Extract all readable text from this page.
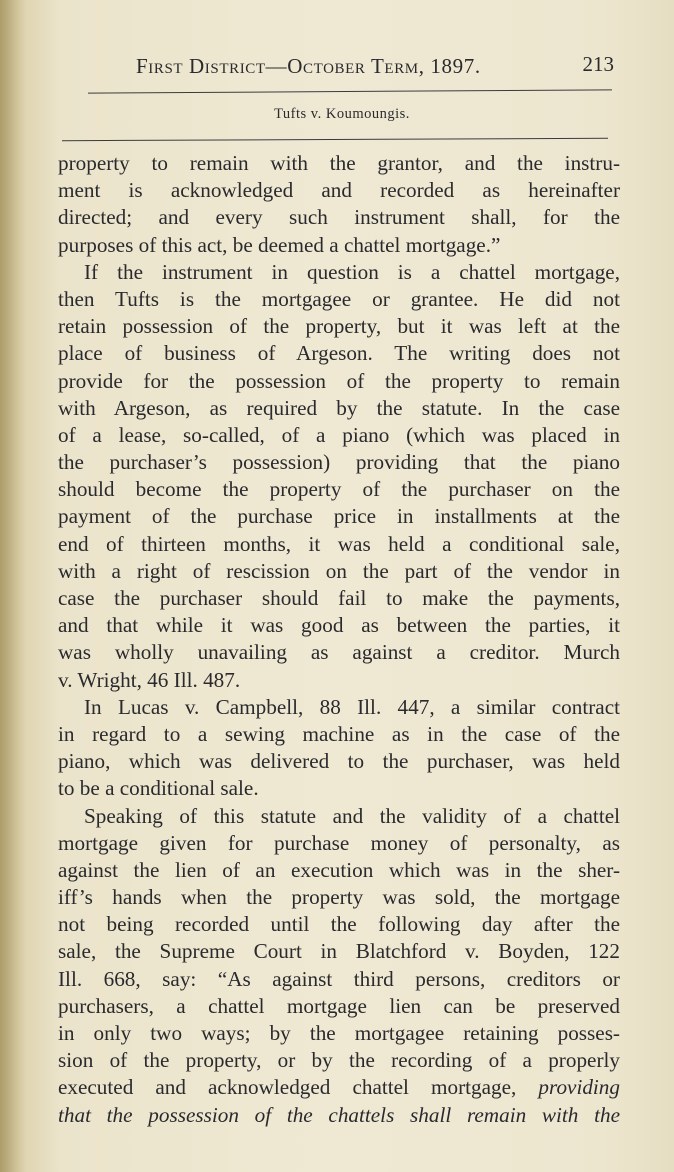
First District—October Term, 1897.	213
Tufts v. Koumoungis.
property to remain with the grantor, and the instru-
ment is acknowledged and recorded as hereinafter
directed; and every such instrument shall, for the
purposes of this act, be deemed a chattel mortgage.”
If the instrument in question is a chattel mortgage,
then Tufts is the mortgagee or grantee. He did not
retain possession of the property, but it was left at the
place of business of Argeson. The writing does not
provide for the possession of the property to remain
with Argeson, as required by the statute. In the case
of a lease, so-called, of a piano (which was placed in
the purchaser’s possession) providing that the piano
should become the property of the purchaser on the
payment of the purchase price in installments at the
end of thirteen months, it was held a conditional sale,
with a right of rescission on the part of the vendor in
case the purchaser should fail to make the payments,
and that while it was good as between the parties, it
was wholly unavailing as against a creditor. Murch
v. Wright, 46 Ill. 487.
In Lucas v. Campbell, 88 Ill. 447, a similar contract
in regard to a sewing machine as in the case of the
piano, which was delivered to the purchaser, was held
to be a conditional sale.
Speaking of this statute and the validity of a chattel
mortgage given for purchase money of personalty, as
against the lien of an execution which was in the sher-
iff’s hands when the property was sold, the mortgage
not being recorded until the following day after the
sale, the Supreme Court in Blatchford v. Boyden, 122
Ill. 668, say: “As against third persons, creditors or
purchasers, a chattel mortgage lien can be preserved
in only two ways; by the mortgagee retaining posses-
sion of the property, or by the recording of a properly
executed and acknowledged chattel mortgage, providing
that the possession of the chattels shall remain with the
